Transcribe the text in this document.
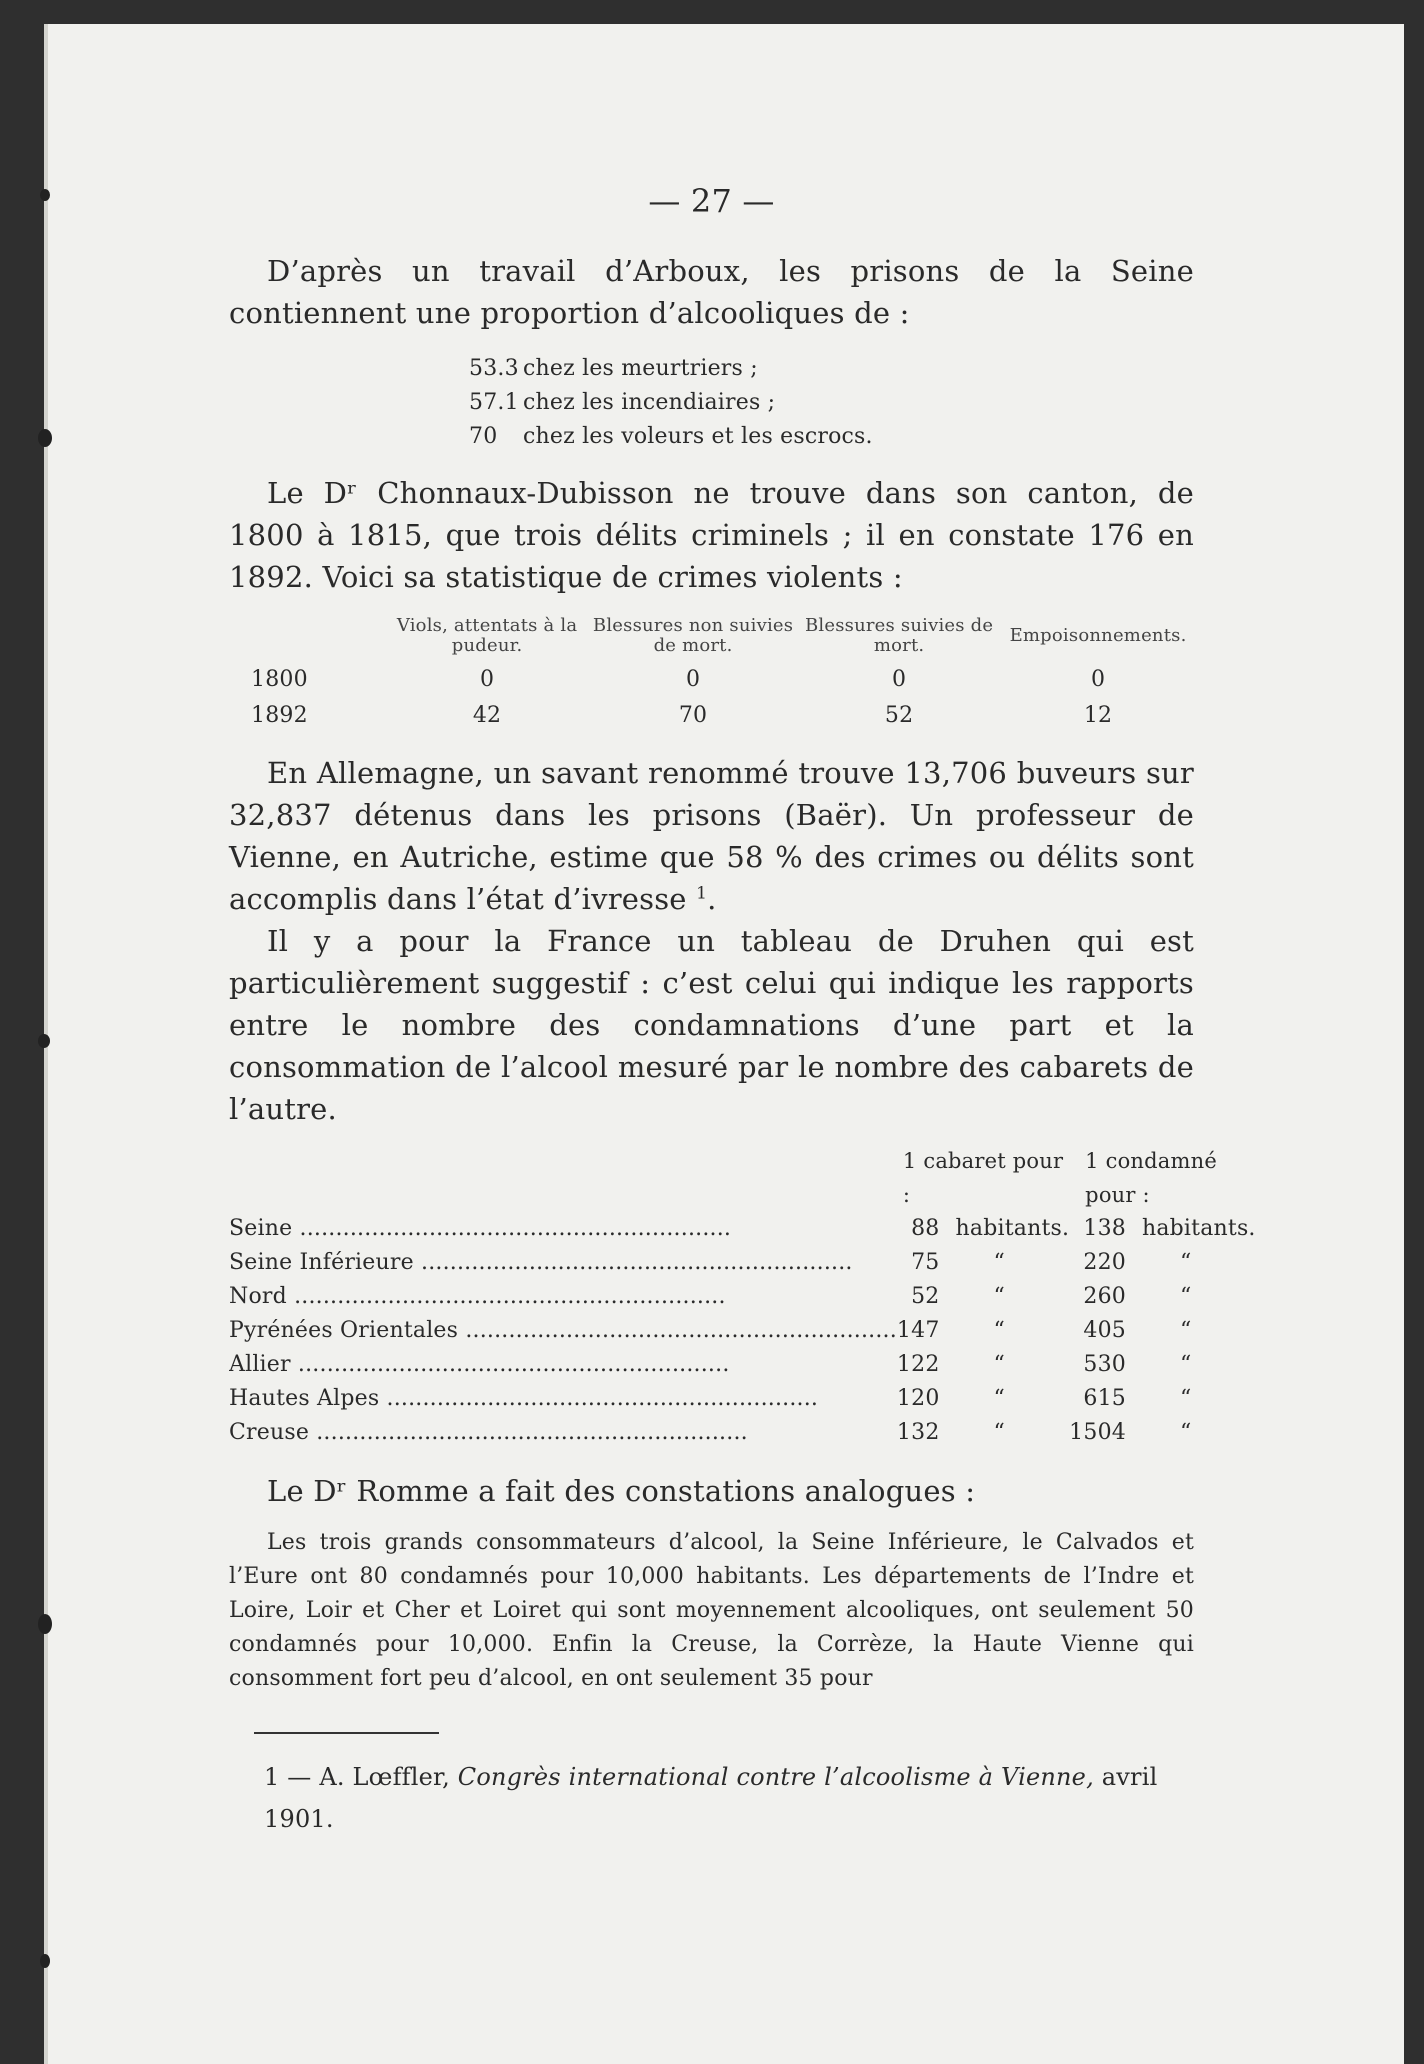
— 27 —

D’après un travail d’Arboux, les prisons de la Seine contiennent une proportion d’alcooliques de :

53.3 chez les meurtriers ;
57.1 chez les incendiaires ;
70	chez les voleurs et les escrocs.

Le Dʳ Chonnaux-Dubisson ne trouve dans son canton, de 1800 à 1815, que trois délits criminels ; il en constate 176 en 1892. Voici sa statistique de crimes violents :

	Viols, attentats à la pudeur.	Blessures non suivies de mort.	Blessures suivies de mort.	Empoisonnements.
1800	0	0	0	0
1892	42	70	52	12

En Allemagne, un savant renommé trouve 13,706 buveurs sur 32,837 détenus dans les prisons (Baër). Un professeur de Vienne, en Autriche, estime que 58 % des crimes ou délits sont accomplis dans l’état d’ivresse $^1$.

Il y a pour la France un tableau de Druhen qui est particulièrement suggestif : c’est celui qui indique les rapports entre le nombre des condamnations d’une part et la consommation de l’alcool mesuré par le nombre des cabarets de l’autre.

	1 cabaret pour :		1 condamné pour :	
Seine ............................................................	88	habitants.	138	habitants.
Seine Inférieure ............................................................	75	“	220	“
Nord ............................................................	52	“	260	“
Pyrénées Orientales ............................................................	147	“	405	“
Allier ............................................................	122	“	530	“
Hautes Alpes ............................................................	120	“	615	“
Creuse ............................................................	132	“	1504	“

Le Dʳ Romme a fait des constations analogues :

Les trois grands consommateurs d’alcool, la Seine Inférieure, le Calvados et l’Eure ont 80 condamnés pour 10,000 habitants. Les départements de l’Indre et Loire, Loir et Cher et Loiret qui sont moyennement alcooliques, ont seulement 50 condamnés pour 10,000. Enfin la Creuse, la Corrèze, la Haute Vienne qui consomment fort peu d’alcool, en ont seulement 35 pour

1 — A. Lœffler, Congrès international contre l’alcoolisme à Vienne, avril 1901.
